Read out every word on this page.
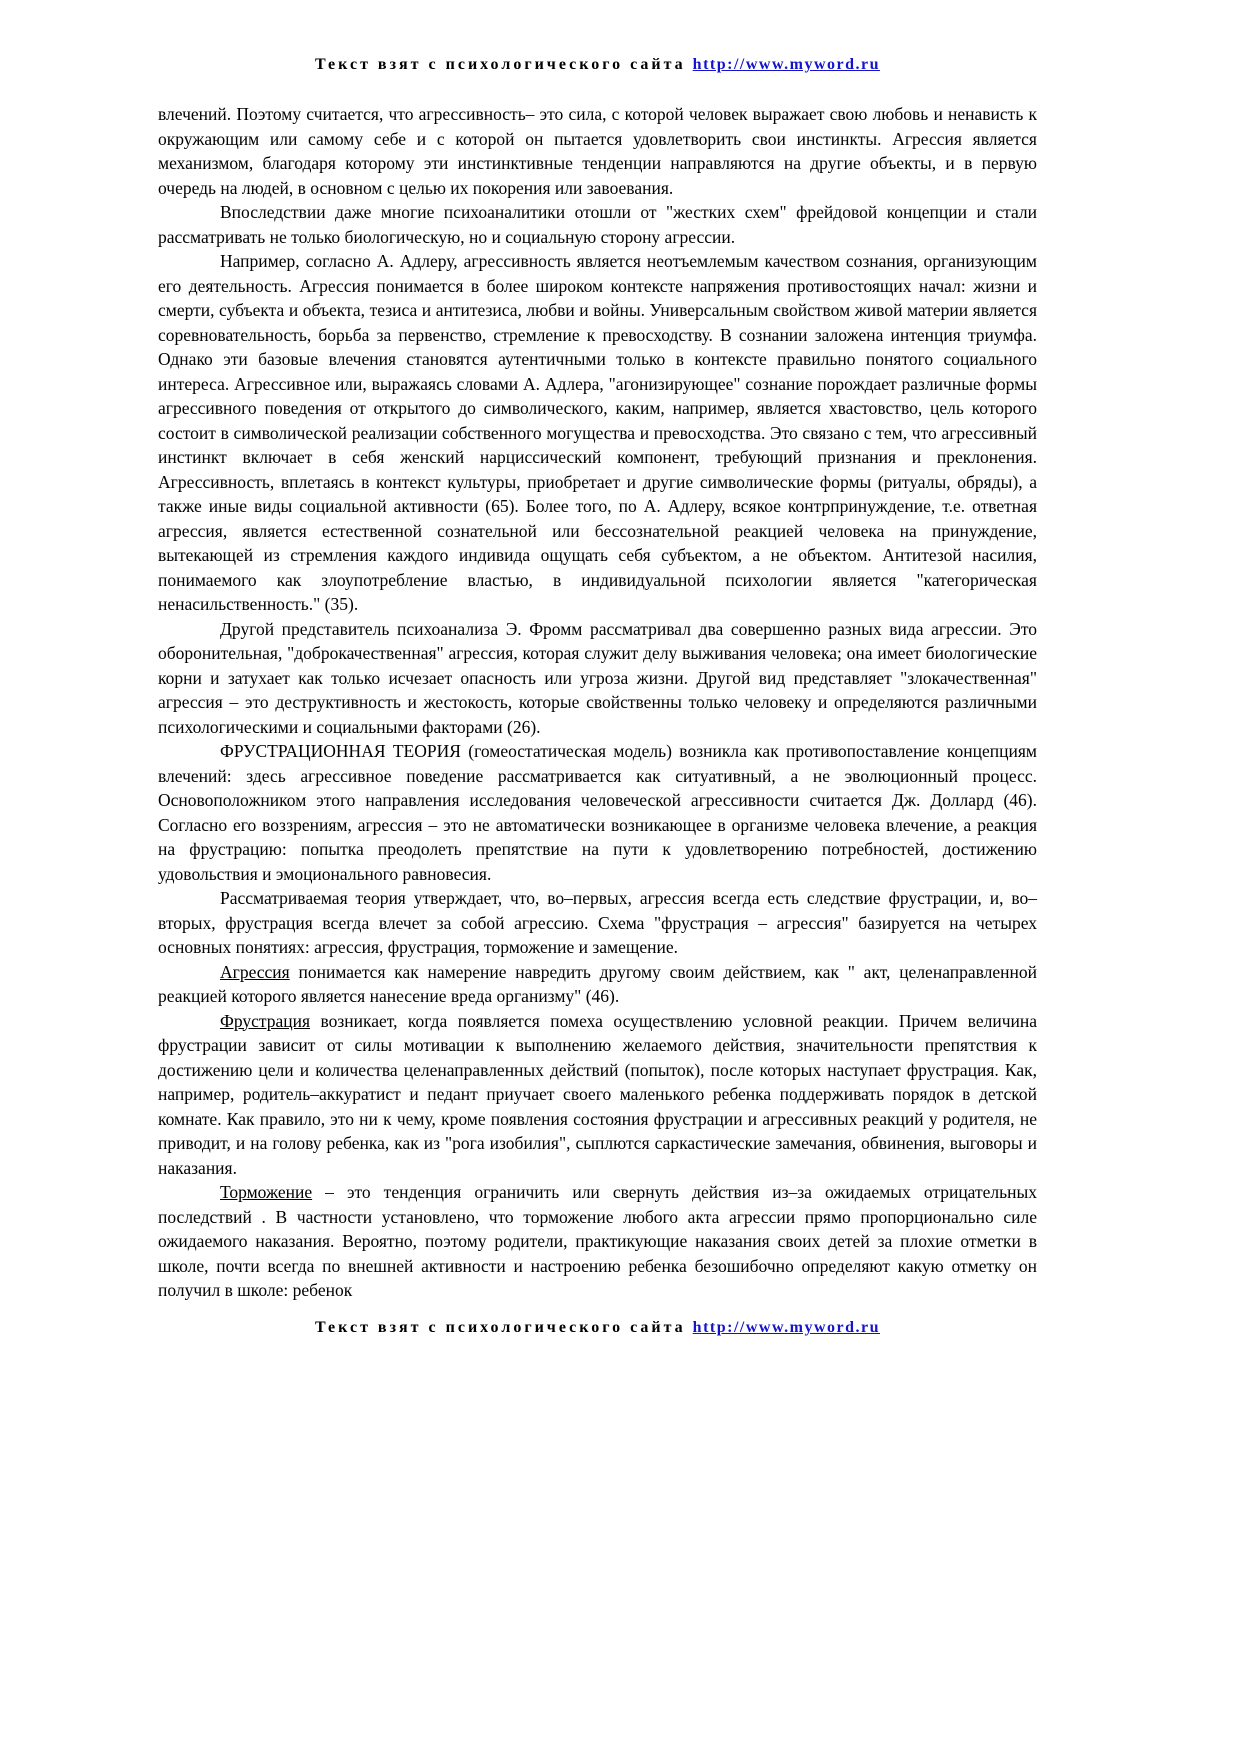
Текст взят с психологического сайта http://www.myword.ru

влечений. Поэтому считается, что агрессивность– это сила, с которой человек выражает свою любовь и ненависть к окружающим или самому себе и с которой он пытается удовлетворить свои инстинкты. Агрессия является механизмом, благодаря которому эти инстинктивные тенденции направляются на другие объекты, и в первую очередь на людей, в основном с целью их покорения или завоевания.

Впоследствии даже многие психоаналитики отошли от "жестких схем" фрейдовой концепции и стали рассматривать не только биологическую, но и социальную сторону агрессии.

Например, согласно А. Адлеру, агрессивность является неотъемлемым качеством сознания, организующим его деятельность. Агрессия понимается в более широком контексте напряжения противостоящих начал: жизни и смерти, субъекта и объекта, тезиса и антитезиса, любви и войны. Универсальным свойством живой материи является соревновательность, борьба за первенство, стремление к превосходству. В сознании заложена интенция триумфа. Однако эти базовые влечения становятся аутентичными только в контексте правильно понятого социального интереса. Агрессивное или, выражаясь словами А. Адлера, "агонизирующее" сознание порождает различные формы агрессивного поведения от открытого до символического, каким, например, является хвастовство, цель которого состоит в символической реализации собственного могущества и превосходства. Это связано с тем, что агрессивный инстинкт включает в себя женский нарциссический компонент, требующий признания и преклонения. Агрессивность, вплетаясь в контекст культуры, приобретает и другие символические формы (ритуалы, обряды), а также иные виды социальной активности (65). Более того, по А. Адлеру, всякое контрпринуждение, т.е. ответная агрессия, является естественной сознательной или бессознательной реакцией человека на принуждение, вытекающей из стремления каждого индивида ощущать себя субъектом, а не объектом. Антитезой насилия, понимаемого как злоупотребление властью, в индивидуальной психологии является "категорическая ненасильственность." (35).

Другой представитель психоанализа Э. Фромм рассматривал два совершенно разных вида агрессии. Это оборонительная, "доброкачественная" агрессия, которая служит делу выживания человека; она имеет биологические корни и затухает как только исчезает опасность или угроза жизни. Другой вид представляет "злокачественная" агрессия – это деструктивность и жестокость, которые свойственны только человеку и определяются различными психологическими и социальными факторами (26).

ФРУСТРАЦИОННАЯ ТЕОРИЯ (гомеостатическая модель) возникла как противопоставление концепциям влечений: здесь агрессивное поведение рассматривается как ситуативный, а не эволюционный процесс. Основоположником этого направления исследования человеческой агрессивности считается Дж. Доллард (46). Согласно его воззрениям, агрессия – это не автоматически возникающее в организме человека влечение, а реакция на фрустрацию: попытка преодолеть препятствие на пути к удовлетворению потребностей, достижению удовольствия и эмоционального равновесия.

Рассматриваемая теория утверждает, что, во–первых, агрессия всегда есть следствие фрустрации, и, во–вторых, фрустрация всегда влечет за собой агрессию. Схема "фрустрация – агрессия" базируется на четырех основных понятиях: агрессия, фрустрация, торможение и замещение.

Агрессия понимается как намерение навредить другому своим действием, как " акт, целенаправленной реакцией которого является нанесение вреда организму" (46).

Фрустрация возникает, когда появляется помеха осуществлению условной реакции. Причем величина фрустрации зависит от силы мотивации к выполнению желаемого действия, значительности препятствия к достижению цели и количества целенаправленных действий (попыток), после которых наступает фрустрация. Как, например, родитель–аккуратист и педант приучает своего маленького ребенка поддерживать порядок в детской комнате. Как правило, это ни к чему, кроме появления состояния фрустрации и агрессивных реакций у родителя, не приводит, и на голову ребенка, как из "рога изобилия", сыплются саркастические замечания, обвинения, выговоры и наказания.

Торможение – это тенденция ограничить или свернуть действия из–за ожидаемых отрицательных последствий . В частности установлено, что торможение любого акта агрессии прямо пропорционально силе ожидаемого наказания. Вероятно, поэтому родители, практикующие наказания своих детей за плохие отметки в школе, почти всегда по внешней активности и настроению ребенка безошибочно определяют какую отметку он получил в школе: ребенок

Текст взят с психологического сайта http://www.myword.ru
